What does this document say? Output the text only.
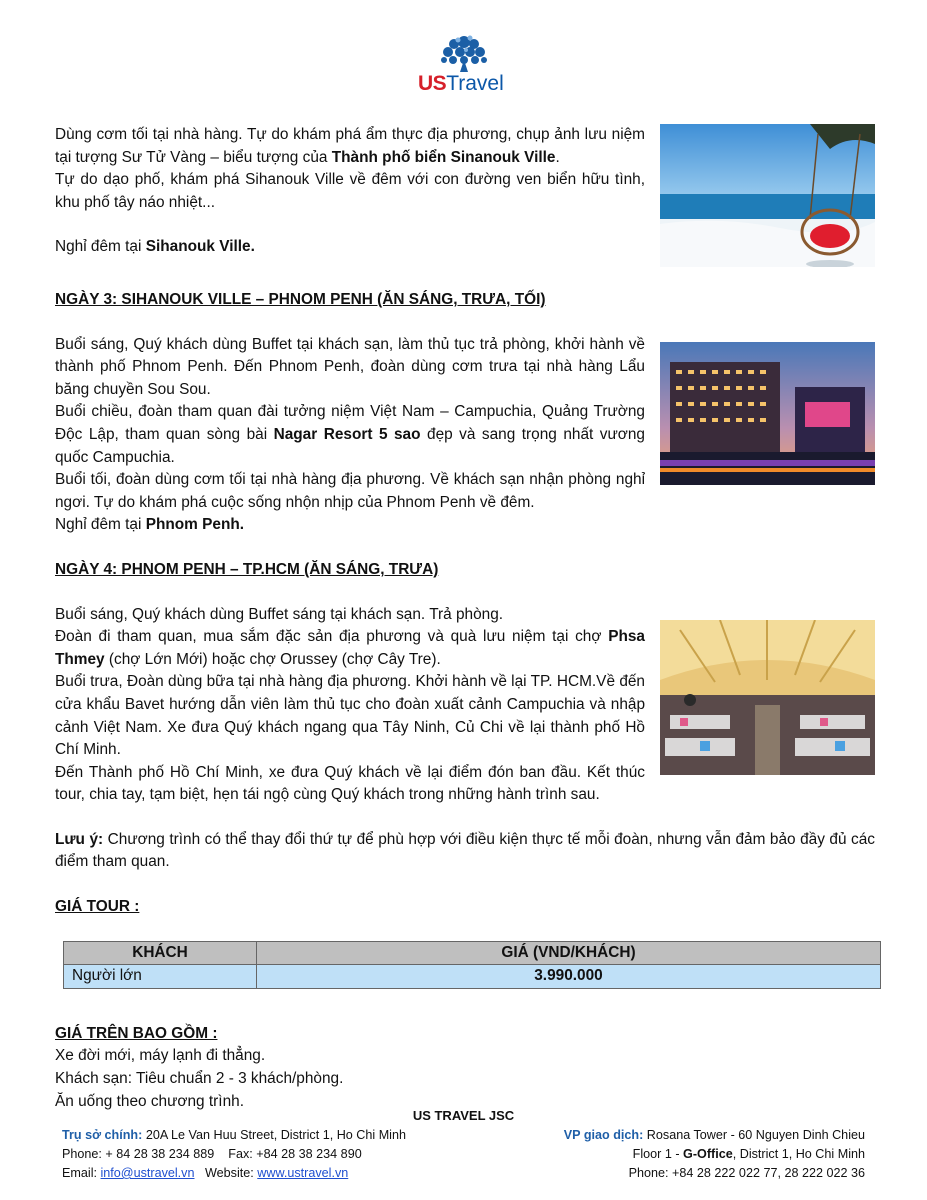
USTravel

Dùng cơm tối tại nhà hàng. Tự do khám phá ẩm thực địa phương, chụp ảnh lưu niệm tại tượng Sư Tử Vàng – biểu tượng của Thành phố biển Sinanouk Ville.

Tự do dạo phố, khám phá Sihanouk Ville về đêm với con đường ven biển hữu tình, khu phố tây náo nhiệt...

Nghỉ đêm tại Sihanouk Ville.

NGÀY 3: SIHANOUK VILLE – PHNOM PENH (ĂN SÁNG, TRƯA, TỐI)

Buổi sáng, Quý khách dùng Buffet tại khách sạn, làm thủ tục trả phòng, khởi hành về thành phố Phnom Penh. Đến Phnom Penh, đoàn dùng cơm trưa tại nhà hàng Lẩu băng chuyền Sou Sou.

Buổi chiều, đoàn tham quan đài tưởng niệm Việt Nam – Campuchia, Quảng Trường Độc Lập, tham quan sòng bài Nagar Resort 5 sao đẹp và sang trọng nhất vương quốc Campuchia.

Buổi tối, đoàn dùng cơm tối tại nhà hàng địa phương. Về khách sạn nhận phòng nghỉ ngơi. Tự do khám phá cuộc sống nhộn nhịp của Phnom Penh về đêm.

Nghỉ đêm tại Phnom Penh.

NGÀY 4: PHNOM PENH – TP.HCM (ĂN SÁNG, TRƯA)

Buổi sáng, Quý khách dùng Buffet sáng tại khách sạn. Trả phòng.

Đoàn đi tham quan, mua sắm đặc sản địa phương và quà lưu niệm tại chợ Phsa Thmey (chợ Lớn Mới) hoặc chợ Orussey (chợ Cây Tre).

Buổi trưa, Đoàn dùng bữa tại nhà hàng địa phương. Khởi hành về lại TP. HCM.Về đến cửa khẩu Bavet hướng dẫn viên làm thủ tục cho đoàn xuất cảnh Campuchia và nhập cảnh Việt Nam. Xe đưa Quý khách ngang qua Tây Ninh, Củ Chi về lại thành phố Hồ Chí Minh.

Đến Thành phố Hồ Chí Minh, xe đưa Quý khách về lại điểm đón ban đầu. Kết thúc tour, chia tay, tạm biệt, hẹn tái ngộ cùng Quý khách trong những hành trình sau.

Lưu ý: Chương trình có thể thay đổi thứ tự để phù hợp với điều kiện thực tế mỗi đoàn, nhưng vẫn đảm bảo đầy đủ các điểm tham quan.

GIÁ TOUR :

KHÁCH	GIÁ (VND/KHÁCH)
Người lớn	3.990.000

GIÁ TRÊN BAO GỒM :

Xe đời mới, máy lạnh đi thẳng.

Khách sạn: Tiêu chuẩn 2 - 3 khách/phòng.

Ăn uống theo chương trình.

US TRAVEL JSC
Trụ sở chính: 20A Le Van Huu Street, District 1, Ho Chi Minh
Phone: + 84 28 38 234 889    Fax: +84 28 38 234 890
Email: info@ustravel.vn   Website: www.ustravel.vn
VP giao dịch: Rosana Tower - 60 Nguyen Dinh Chieu
Floor 1 - G-Office, District 1, Ho Chi Minh
Phone: +84 28 222 022 77, 28 222 022 36
